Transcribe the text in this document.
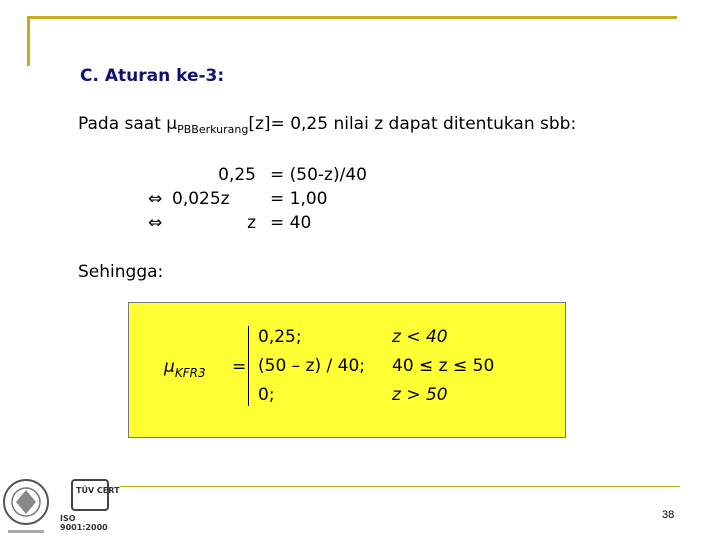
C. Aturan ke-3:
Pada saat $\mu_{PBBerkurang}[z]= 0,25$ nilai z dapat ditentukan sbb:
0,25 = (50-z)/40
⇔ 0,025z = 1,00
⇔	z = 40
Sehingga:
$\mu_{KFR3}$ =
0,25;	z < 40
(50 – z) / 40; 40 ≤ z ≤ 50
0;	z > 50
TÜV CERT
ISO 9001:2000
38
